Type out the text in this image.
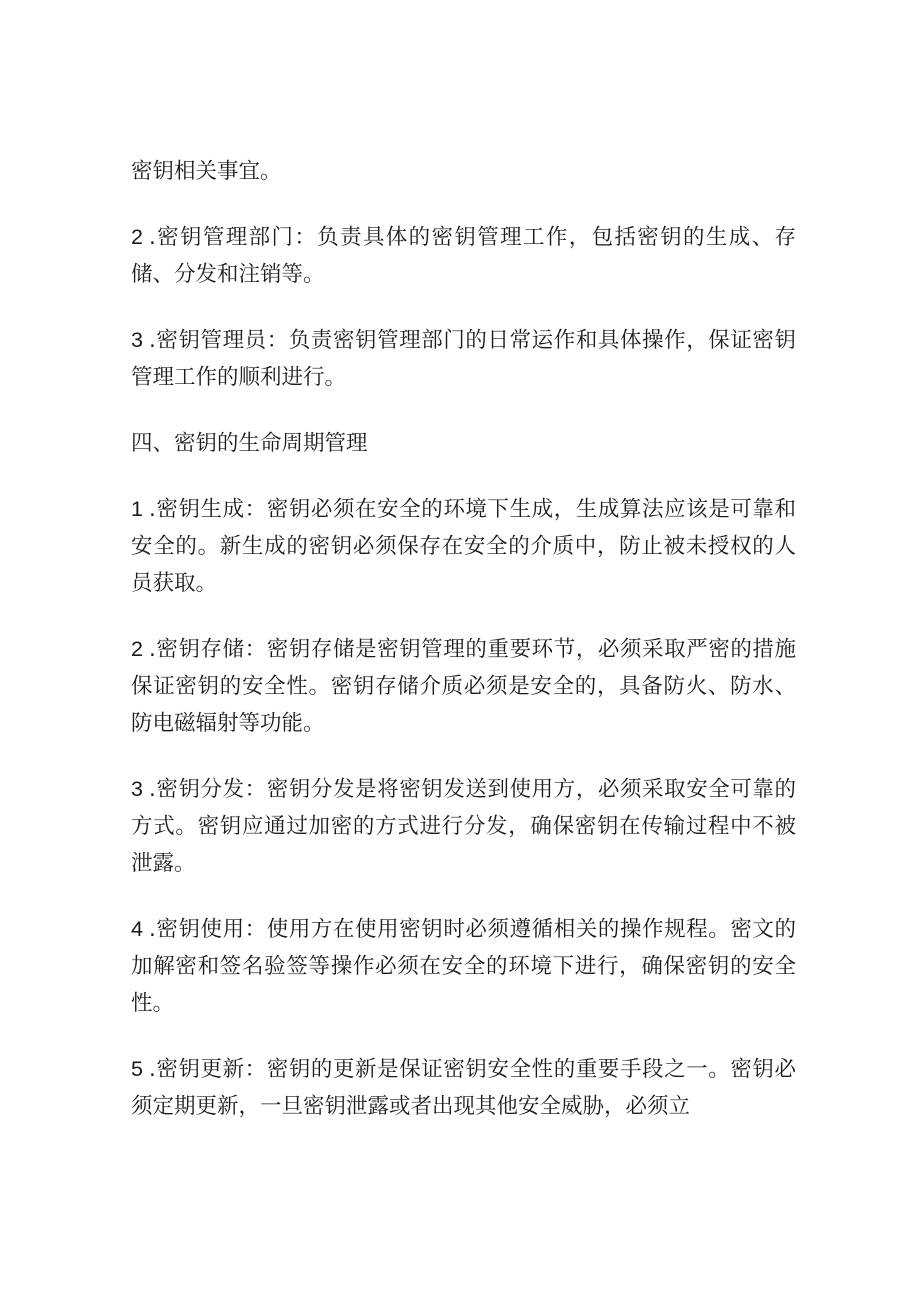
密钥相关事宜。

2 .密钥管理部门：负责具体的密钥管理工作，包括密钥的生成、存储、分发和注销等。

3 .密钥管理员：负责密钥管理部门的日常运作和具体操作，保证密钥管理工作的顺利进行。

四、密钥的生命周期管理

1 .密钥生成：密钥必须在安全的环境下生成，生成算法应该是可靠和安全的。新生成的密钥必须保存在安全的介质中，防止被未授权的人员获取。

2 .密钥存储：密钥存储是密钥管理的重要环节，必须采取严密的措施保证密钥的安全性。密钥存储介质必须是安全的，具备防火、防水、防电磁辐射等功能。

3 .密钥分发：密钥分发是将密钥发送到使用方，必须采取安全可靠的方式。密钥应通过加密的方式进行分发，确保密钥在传输过程中不被泄露。

4 .密钥使用：使用方在使用密钥时必须遵循相关的操作规程。密文的加解密和签名验签等操作必须在安全的环境下进行，确保密钥的安全性。

5 .密钥更新：密钥的更新是保证密钥安全性的重要手段之一。密钥必须定期更新，一旦密钥泄露或者出现其他安全威胁，必须立
